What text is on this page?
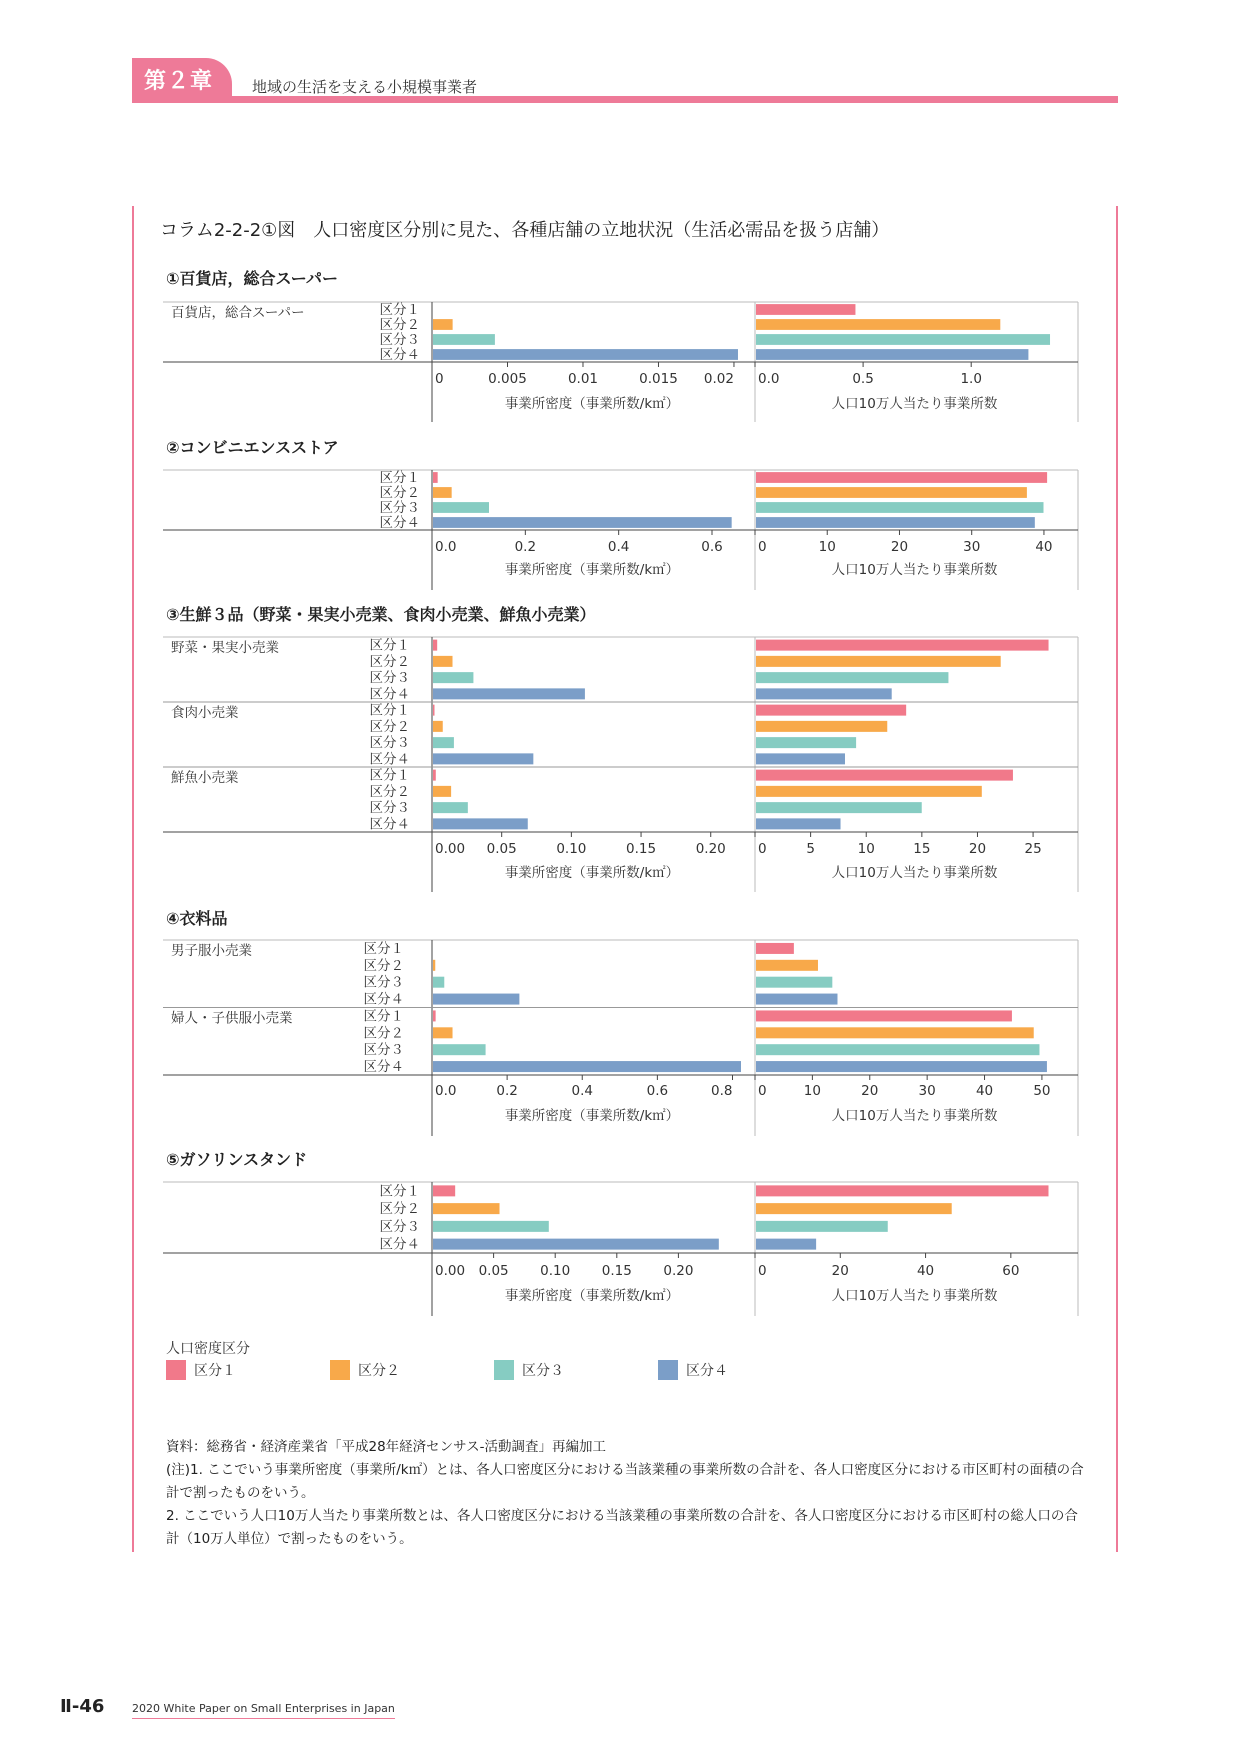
第２章	地域の生活を支える小規模事業者
コラム2-2-2①図　人口密度区分別に見た、各種店舗の立地状況（生活必需品を扱う店舗）
①百貨店，総合スーパー
百貨店，総合スーパー	区分１
区分２
区分３
区分４
0	0.005	0.01	0.015 0.02 0.0	0.5	1.0
事業所密度（事業所数/k㎡）	人口10万人当たり事業所数
②コンビニエンスストア
区分１
区分２
区分３
区分４
0.0	0.2	0.4	0.6	0	10	20	30	40
事業所密度（事業所数/k㎡）	人口10万人当たり事業所数
③生鮮３品（野菜・果実小売業、食肉小売業、鮮魚小売業）
野菜・果実小売業	区分１
区分２
区分３
区分４
食肉小売業	区分１
区分２
区分３
区分４
鮮魚小売業	区分１
区分２
区分３
区分４
0.00 0.05	0.10	0.15	0.20 0	5	10	15	20	25
事業所密度（事業所数/k㎡）	人口10万人当たり事業所数
④衣料品
男子服小売業	区分１
区分２
区分３
区分４
婦人・子供服小売業	区分１
区分２
区分３
区分４
0.0	0.2	0.4	0.6	0.8 0	10	20	30	40	50
事業所密度（事業所数/k㎡）	人口10万人当たり事業所数
⑤ガソリンスタンド
区分１
区分２
区分３
区分４
0.00 0.05 0.10 0.15 0.20	0	20	40	60
事業所密度（事業所数/k㎡）	人口10万人当たり事業所数
人口密度区分
区分１	区分２	区分３	区分４
資料：総務省・経済産業省「平成28年経済センサス-活動調査」再編加工
(注)1. ここでいう事業所密度（事業所/k㎡）とは、各人口密度区分における当該業種の事業所数の合計を、各人口密度区分における市区町村の面積の合計で割ったものをいう。
2. ここでいう人口10万人当たり事業所数とは、各人口密度区分における当該業種の事業所数の合計を、各人口密度区分における市区町村の総人口の合計（10万人単位）で割ったものをいう。
Ⅱ-46	2020 White Paper on Small Enterprises in Japan
